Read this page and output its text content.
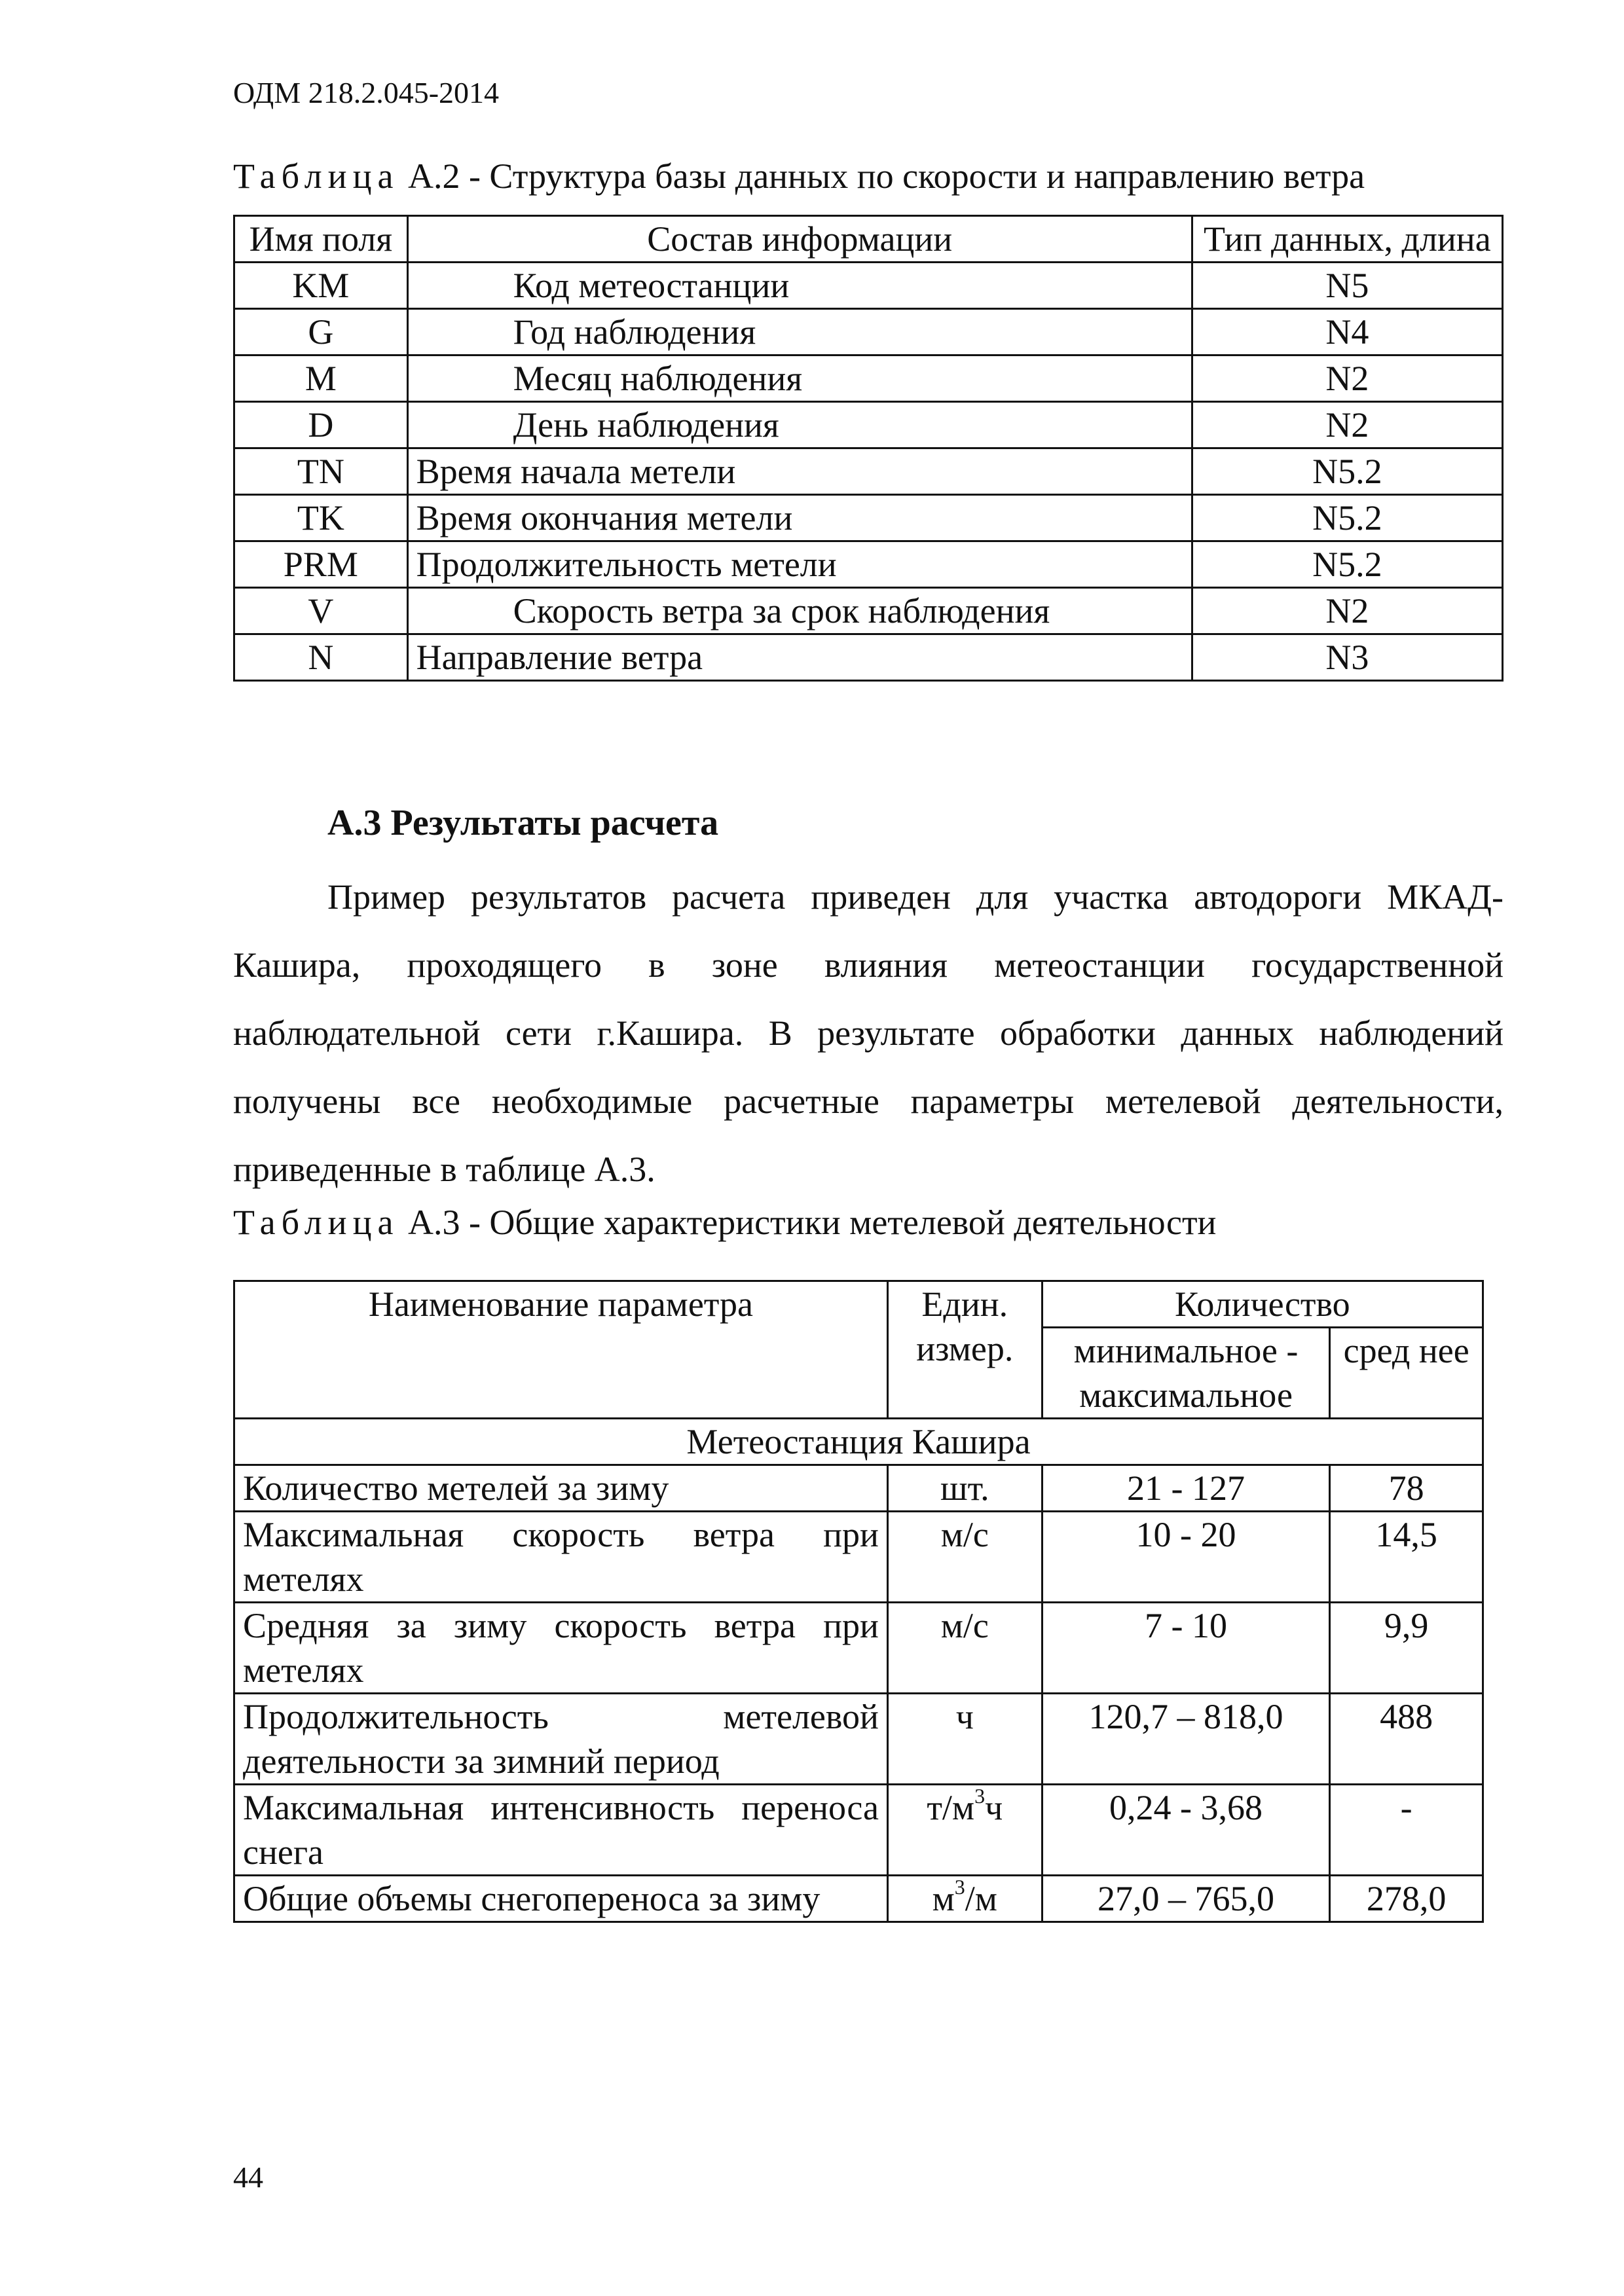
ОДМ 218.2.045-2014
Таблица А.2 - Структура базы данных по скорости и направлению ветра
Имя поля	Состав информации	Тип данных, длина
KM	Код метеостанции	N5
G	Год наблюдения	N4
M	Месяц наблюдения	N2
D	День наблюдения	N2
TN	Время начала метели	N5.2
TK	Время окончания метели	N5.2
PRM	Продолжительность метели	N5.2
V	Скорость ветра за срок наблюдения	N2
N	Направление ветра	N3
А.3 Результаты расчета
Пример результатов расчета приведен для участка автодороги МКАД-Кашира, проходящего в зоне влияния метеостанции государственной наблюдательной сети г.Кашира. В результате обработки данных наблюдений получены все необходимые расчетные параметры метелевой деятельности, приведенные в таблице А.3.
Таблица А.3 - Общие характеристики метелевой деятельности
Наименование параметра	Един. измер.	Количество	
		минимальное - максимальное	сред нее
Метеостанция Кашира			
Количество метелей за зиму	шт.	21 - 127	78
Максимальная скорость ветра при метелях	м/с	10 - 20	14,5
Средняя за зиму скорость ветра при метелях	м/с	7 - 10	9,9
Продолжительность метелевой деятельности за зимний период	ч	120,7 – 818,0	488
Максимальная интенсивность переноса снега	$т/м^3ч$	0,24 - 3,68	-
Общие объемы снегопереноса за зиму	$м^3/м$	27,0 – 765,0	278,0
44
